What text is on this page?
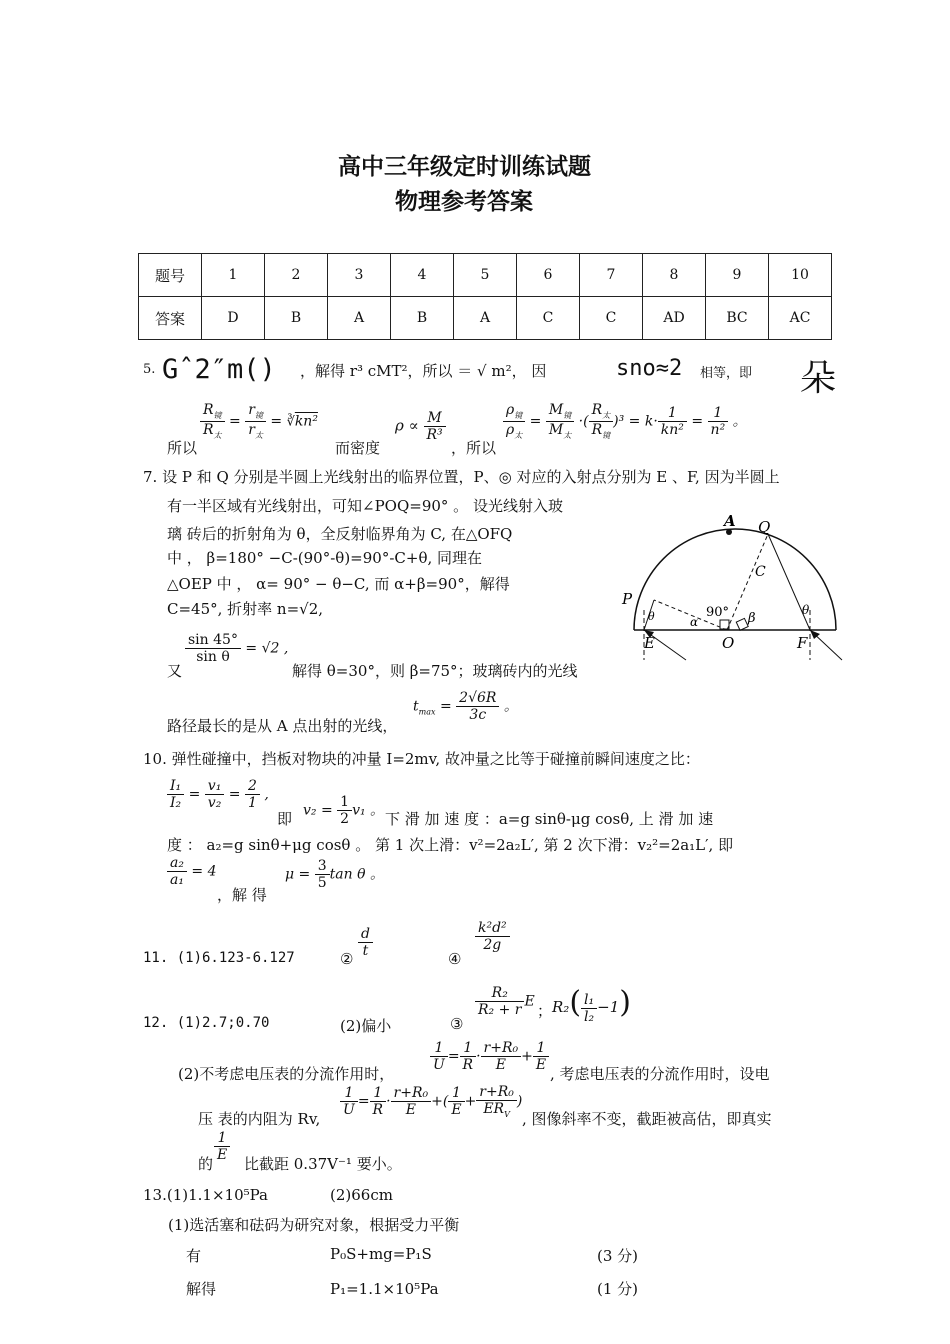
高中三年级定时训练试题
物理参考答案
题号	1	2	3	4	5	6	7	8	9	10
答案	D	B	A	B	A	C	C	AD	BC	AC
5. Gˆ2″m() ，解得 r³ cMT²，所以 ＝ √ m²， 因	snο≈2 相等，即 朵
所以
$\frac{R_镜}{R_太} = \frac{r_镜}{r_太}$ = ∛kn²
而密度
$\rho \propto \frac{M}{\text{R³}}$
，所以
$\frac{\rho_镜}{\rho_太} = \frac{M_镜}{M_太}$ ·( $\frac{R_太}{R_镜} )^3 = k\cdot \frac{1}{\text{kn²}} = \frac{1}{\text{n²}}$ 。
7. 设 P 和 Q 分别是半圆上光线射出的临界位置，P、◎ 对应的入射点分别为 E 、F, 因为半圆上
有一半区域有光线射出，可知∠POQ=90° 。 设光线射入玻
璃 砖后的折射角为 θ，全反射临界角为 C, 在△OFQ
中 ， β=180° −C-(90°-θ)=90°-C+θ, 同理在
△OEP 中 ， α= 90° − θ−C, 而 α+β=90°，解得
C=45°, 折射率 n=√2,
又
$\frac{\sin 45^\circ}{\text{sin θ}} = √2$ ,
解得 θ=30°，则 β=75°；玻璃砖内的光线
路径最长的是从 A 点出射的光线，
$t_{max} = \frac{2√6R}{3c}$ 。
A Q
C
P
90° β
θ	θ
α
E	O	F
10. 弹性碰撞中，挡板对物块的冲量 I=2mv, 故冲量之比等于碰撞前瞬间速度之比：
$\frac{\text{I₁}}{\text{I₂}} = \frac{\text{v₁}}{\text{v₂}} = \frac{2}{1}$ ,
即 $v_2 = \frac{1}{2} v_1$ 。 下 滑 加 速 度 ：a=g sinθ-μg cosθ, 上 滑 加 速
度 ： a₂=g sinθ+μg cosθ 。 第 1 次上滑：v²=2a₂L′, 第 2 次下滑：v₂²=2a₁L′, 即
$\frac{\text{a₂}}{\text{a₁}} = 4$
，解 得
$\mu = \frac{3}{5}$ tan θ 。
11. (1)6.123-6.127	② $\frac{d}{t}$	④
$\frac{\text{k²d²}}{2g}$
12. (1)2.7;0.70	(2)偏小	③
$\frac{\text{R₂}}{\text{R₂ + r}}$ E
； $R_2( \frac{\text{l₁}}{\text{l₂}} -1)$
(2)不考虑电压表的分流作用时，
$\frac{1}{U} = \frac{1}{R} \cdot \frac{\text{r+R₀}}{E} + \frac{1}{E}$
, 考虑电压表的分流作用时，设电
压 表的内阻为 Rv,
$\frac{1}{U} = \frac{1}{R} \cdot \frac{\text{r+R₀}}{E}$ +( $\frac{1}{E} + \frac{\text{r+R₀}}{ER_V}$ )
, 图像斜率不变，截距被高估，即真实
的
$\frac{1}{E}$
比截距 0.37V⁻¹ 要小。
13.(1)1.1×10⁵Pa	(2)66cm
(1)选活塞和砝码为研究对象，根据受力平衡
有	P₀S+mg=P₁S	(3 分)
解得	P₁=1.1×10⁵Pa	(1 分)
